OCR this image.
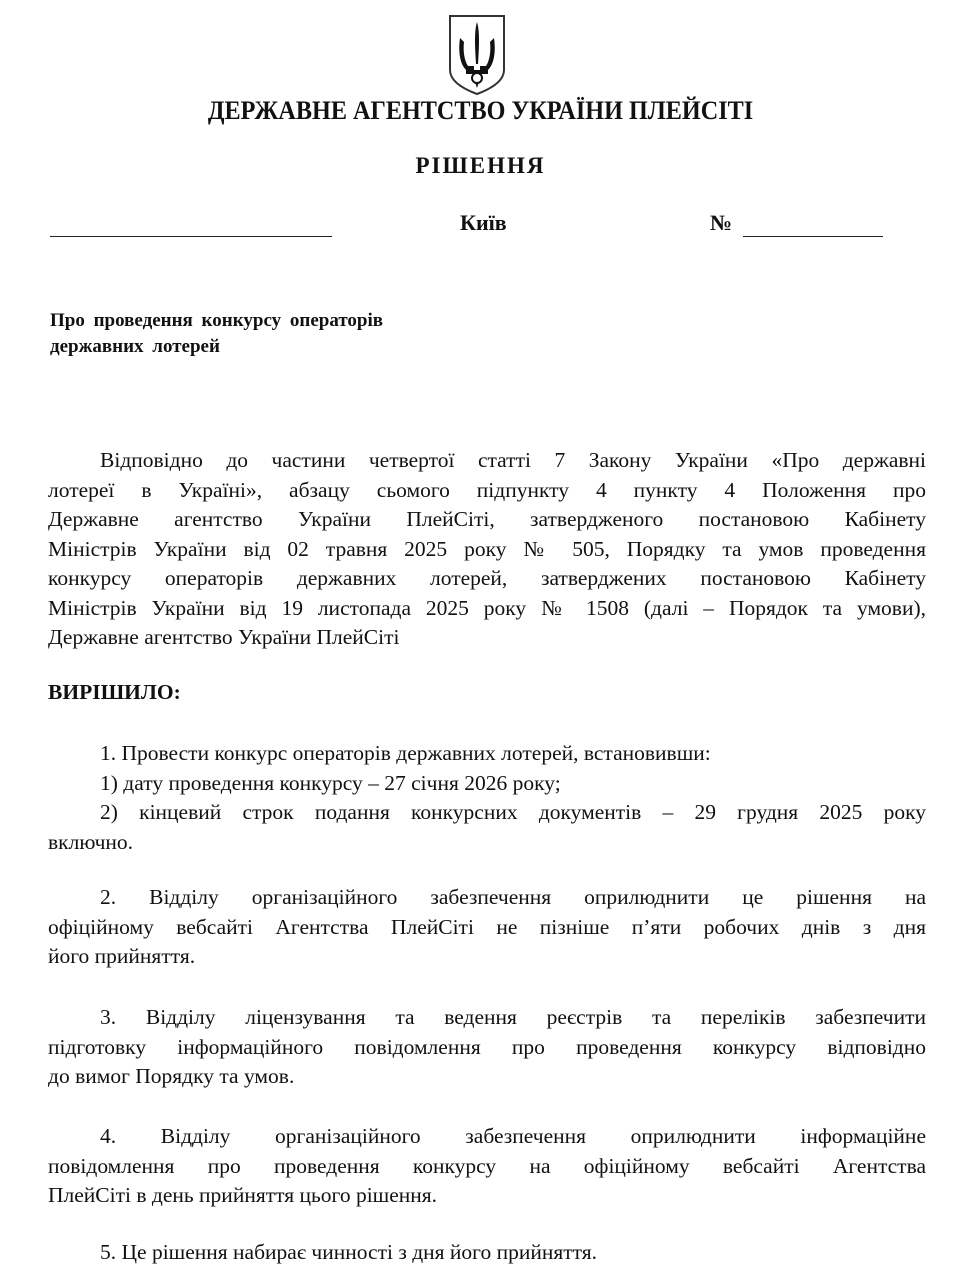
ДЕРЖАВНЕ АГЕНТСТВО УКРАЇНИ ПЛЕЙСІТІ
РІШЕННЯ
Київ	№
Про проведення конкурсу операторів
державних лотерей
Відповідно до частини четвертої статті 7 Закону України «Про державні
лотереї в Україні», абзацу сьомого підпункту 4 пункту 4 Положення про
Державне агентство України ПлейСіті, затвердженого постановою Кабінету
Міністрів України від 02 травня 2025 року № 505, Порядку та умов проведення
конкурсу операторів державних лотерей, затверджених постановою Кабінету
Міністрів України від 19 листопада 2025 року № 1508 (далі – Порядок та умови),
Державне агентство України ПлейСіті
ВИРІШИЛО:
1. Провести конкурс операторів державних лотерей, встановивши:
1) дату проведення конкурсу – 27 січня 2026 року;
2) кінцевий строк подання конкурсних документів – 29 грудня 2025 року
включно.
2. Відділу організаційного забезпечення оприлюднити це рішення на
офіційному вебсайті Агентства ПлейСіті не пізніше п’яти робочих днів з дня
його прийняття.
3. Відділу ліцензування та ведення реєстрів та переліків забезпечити
підготовку інформаційного повідомлення про проведення конкурсу відповідно
до вимог Порядку та умов.
4. Відділу організаційного забезпечення оприлюднити інформаційне
повідомлення про проведення конкурсу на офіційному вебсайті Агентства
ПлейСіті в день прийняття цього рішення.
5. Це рішення набирає чинності з дня його прийняття.
